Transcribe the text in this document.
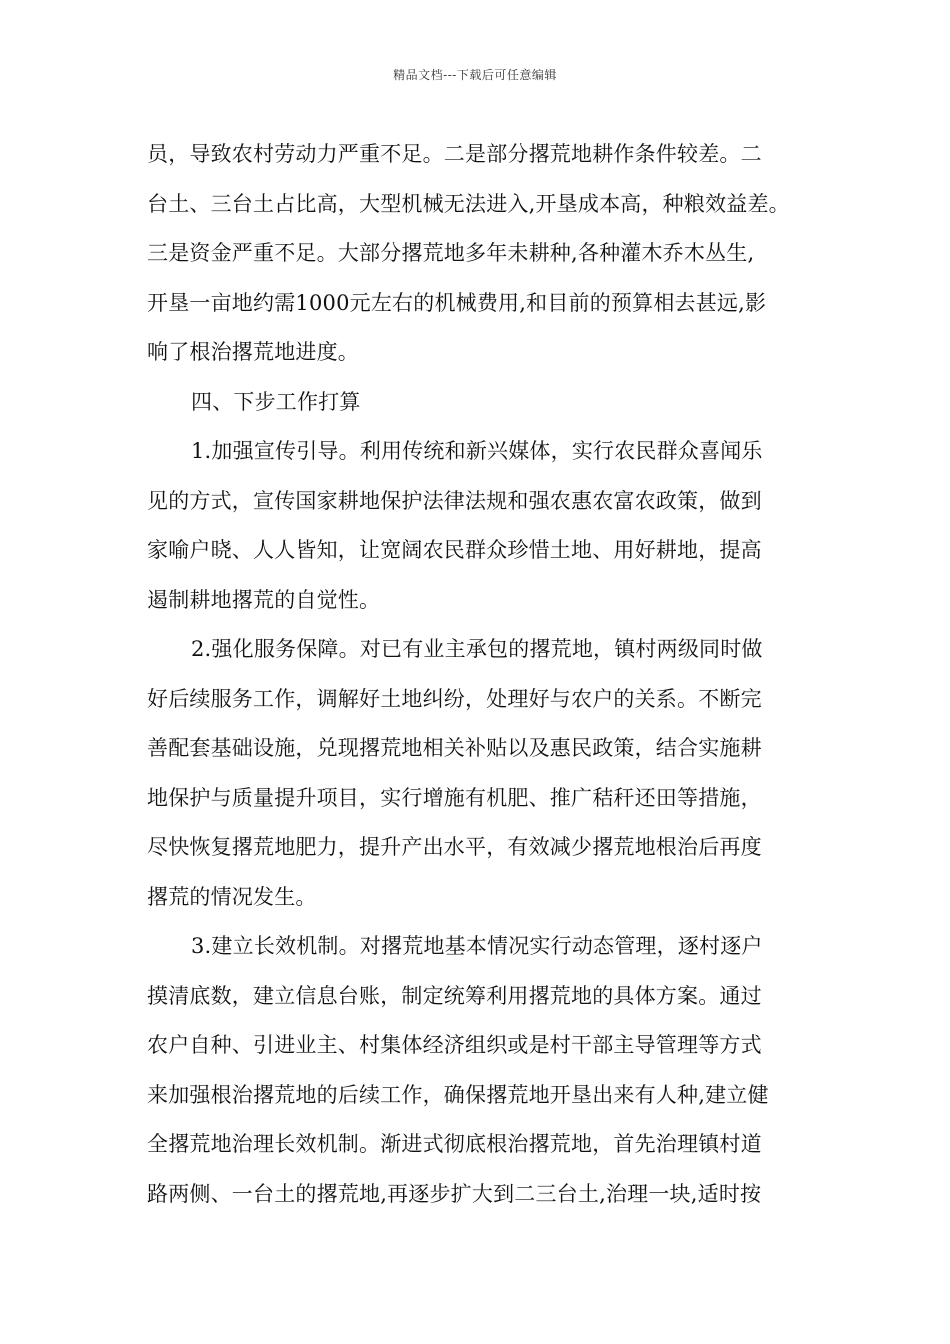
精品文档---下载后可任意编辑
员，导致农村劳动力严重不足。二是部分撂荒地耕作条件较差。二
台土、三台土占比高，大型机械无法进入,开垦成本高，种粮效益差。
三是资金严重不足。大部分撂荒地多年未耕种,各种灌木乔木丛生,
开垦一亩地约需1000元左右的机械费用,和目前的预算相去甚远,影
响了根治撂荒地进度。
四、下步工作打算
1.加强宣传引导。利用传统和新兴媒体，实行农民群众喜闻乐
见的方式，宣传国家耕地保护法律法规和强农惠农富农政策，做到
家喻户晓、人人皆知，让宽阔农民群众珍惜土地、用好耕地，提高
遏制耕地撂荒的自觉性。
2.强化服务保障。对已有业主承包的撂荒地，镇村两级同时做
好后续服务工作，调解好土地纠纷，处理好与农户的关系。不断完
善配套基础设施，兑现撂荒地相关补贴以及惠民政策，结合实施耕
地保护与质量提升项目，实行增施有机肥、推广秸秆还田等措施，
尽快恢复撂荒地肥力，提升产出水平，有效减少撂荒地根治后再度
撂荒的情况发生。
3.建立长效机制。对撂荒地基本情况实行动态管理，逐村逐户
摸清底数，建立信息台账，制定统筹利用撂荒地的具体方案。通过
农户自种、引进业主、村集体经济组织或是村干部主导管理等方式
来加强根治撂荒地的后续工作，确保撂荒地开垦出来有人种,建立健
全撂荒地治理长效机制。渐进式彻底根治撂荒地，首先治理镇村道
路两侧、一台土的撂荒地,再逐步扩大到二三台土,治理一块,适时按
